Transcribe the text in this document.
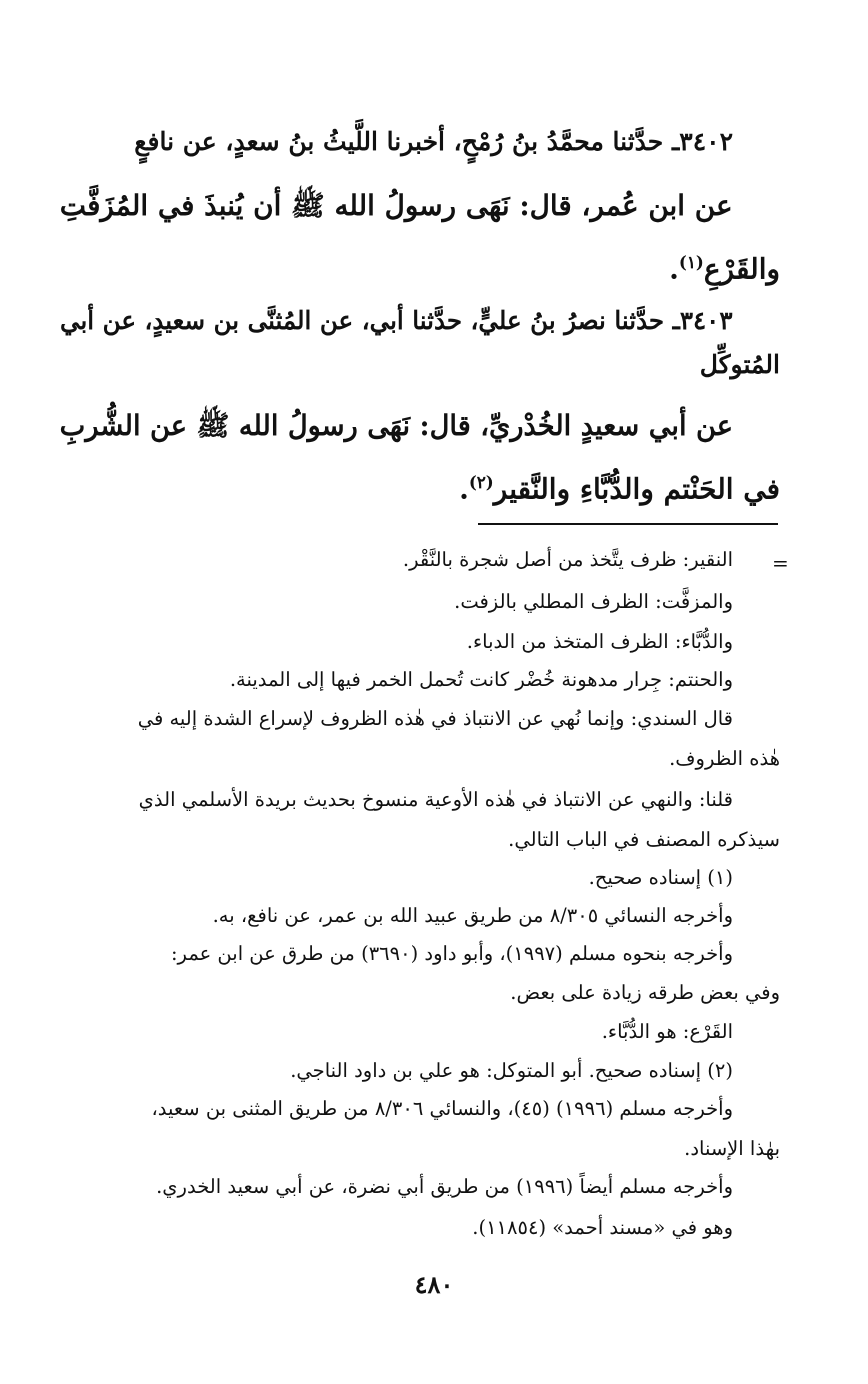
٣٤٠٢ـ حدَّثنا محمَّدُ بنُ رُمْحٍ، أخبرنا اللَّيثُ بنُ سعدٍ، عن نافعٍ
عن ابن عُمر، قال: نَهَى رسولُ الله ﷺ أن يُنبذَ في المُزَفَّتِ
والقَرْعِ$^{(١)}$.
٣٤٠٣ـ حدَّثنا نصرُ بنُ عليٍّ، حدَّثنا أبي، عن المُثنَّى بن سعيدٍ، عن أبي
المُتوكِّل
عن أبي سعيدٍ الخُدْريِّ، قال: نَهَى رسولُ الله ﷺ عن الشُّربِ
في الحَنْتم والدُّبَّاءِ والنَّقير$^{(٢)}$.
=
النقير: ظرف يتَّخذ من أصل شجرة بالنَّقْر.
والمزفَّت: الظرف المطلي بالزفت.
والدُّبَّاء: الظرف المتخذ من الدباء.
والحنتم: جِرار مدهونة خُضْر كانت تُحمل الخمر فيها إلى المدينة.
قال السندي: وإنما نُهي عن الانتباذ في هٰذه الظروف لإسراع الشدة إليه في
هٰذه الظروف.
قلنا: والنهي عن الانتباذ في هٰذه الأوعية منسوخ بحديث بريدة الأسلمي الذي
سيذكره المصنف في الباب التالي.
(١) إسناده صحيح.
وأخرجه النسائي ٨/٣٠٥ من طريق عبيد الله بن عمر، عن نافع، به.
وأخرجه بنحوه مسلم (١٩٩٧)، وأبو داود (٣٦٩٠) من طرق عن ابن عمر:
وفي بعض طرقه زيادة على بعض.
القَرْع: هو الدُّبَّاء.
(٢) إسناده صحيح. أبو المتوكل: هو علي بن داود الناجي.
وأخرجه مسلم (١٩٩٦) (٤٥)، والنسائي ٨/٣٠٦ من طريق المثنى بن سعيد،
بهٰذا الإسناد.
وأخرجه مسلم أيضاً (١٩٩٦) من طريق أبي نضرة، عن أبي سعيد الخدري.
وهو في «مسند أحمد» (١١٨٥٤).
٤٨٠
